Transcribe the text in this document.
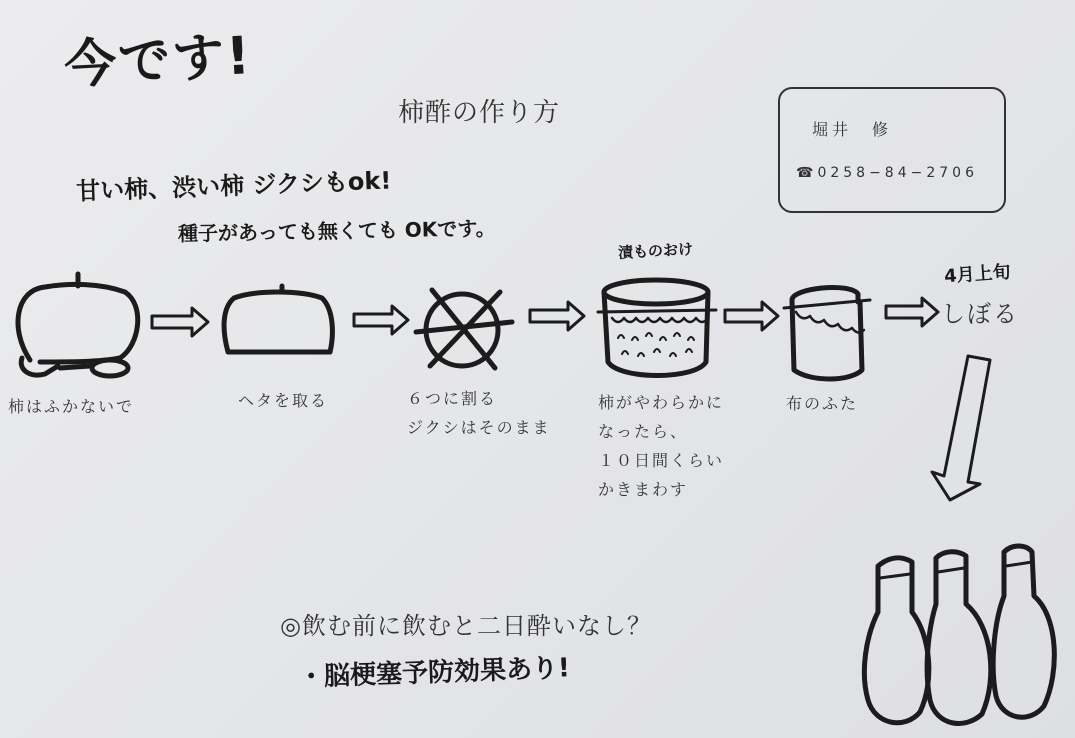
今です!
柿酢の作り方
堀井　修
☎0258−84−2706
甘い柿、渋い柿 ジクシもok!
種子があっても無くても OKです。
漬ものおけ
4月上旬
柿はふかないで	ヘタを取る	６つに割る
ジクシはそのまま
柿がやわらかに
なったら、
１０日間くらい
かきまわす
布のふた
しぼる
◎飲む前に飲むと二日酔いなし？
・脳梗塞予防効果あり!
